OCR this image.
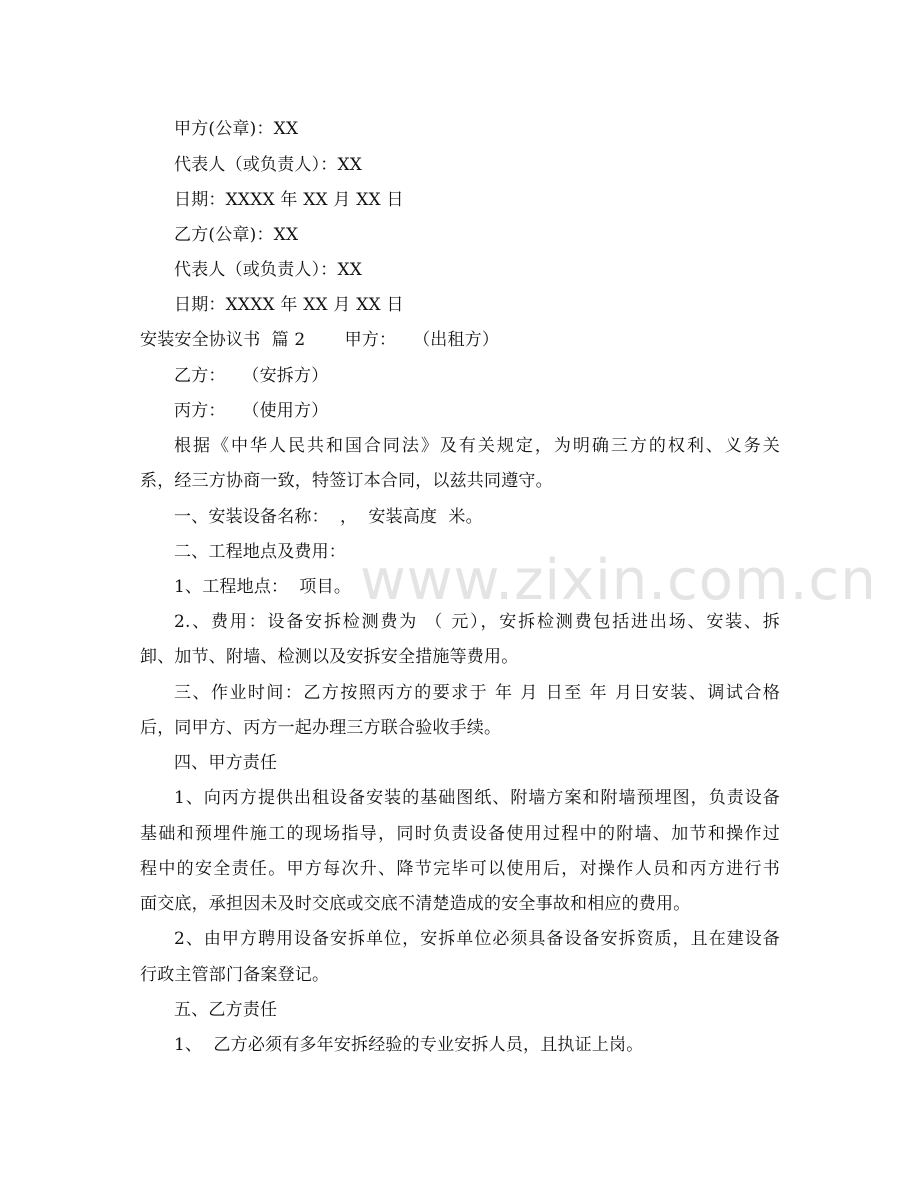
www.zixin.com.cn
甲方(公章)：XX
代表人（或负责人）：XX
日期：XXXX 年 XX 月 XX 日
乙方(公章)：XX
代表人（或负责人）：XX
日期：XXXX 年 XX 月 XX 日
安装安全协议书  篇 2       甲方：   （出租方）
乙方：   （安拆方）
丙方：   （使用方）
根据《中华人民共和国合同法》及有关规定，为明确三方的权利、义务关
系，经三方协商一致，特签订本合同，以兹共同遵守。
一、安装设备名称：  ，  安装高度  米。
二、工程地点及费用：
1、工程地点：  项目。
2.、费用：设备安拆检测费为 （ 元），安拆检测费包括进出场、安装、拆
卸、加节、附墙、检测以及安拆安全措施等费用。
三、作业时间：乙方按照丙方的要求于 年 月 日至 年 月日安装、调试合格
后，同甲方、丙方一起办理三方联合验收手续。
四、甲方责任
1、向丙方提供出租设备安装的基础图纸、附墙方案和附墙预埋图，负责设备
基础和预埋件施工的现场指导，同时负责设备使用过程中的附墙、加节和操作过
程中的安全责任。甲方每次升、降节完毕可以使用后，对操作人员和丙方进行书
面交底，承担因未及时交底或交底不清楚造成的安全事故和相应的费用。
2、由甲方聘用设备安拆单位，安拆单位必须具备设备安拆资质，且在建设备
行政主管部门备案登记。
五、乙方责任
1、  乙方必须有多年安拆经验的专业安拆人员，且执证上岗。
